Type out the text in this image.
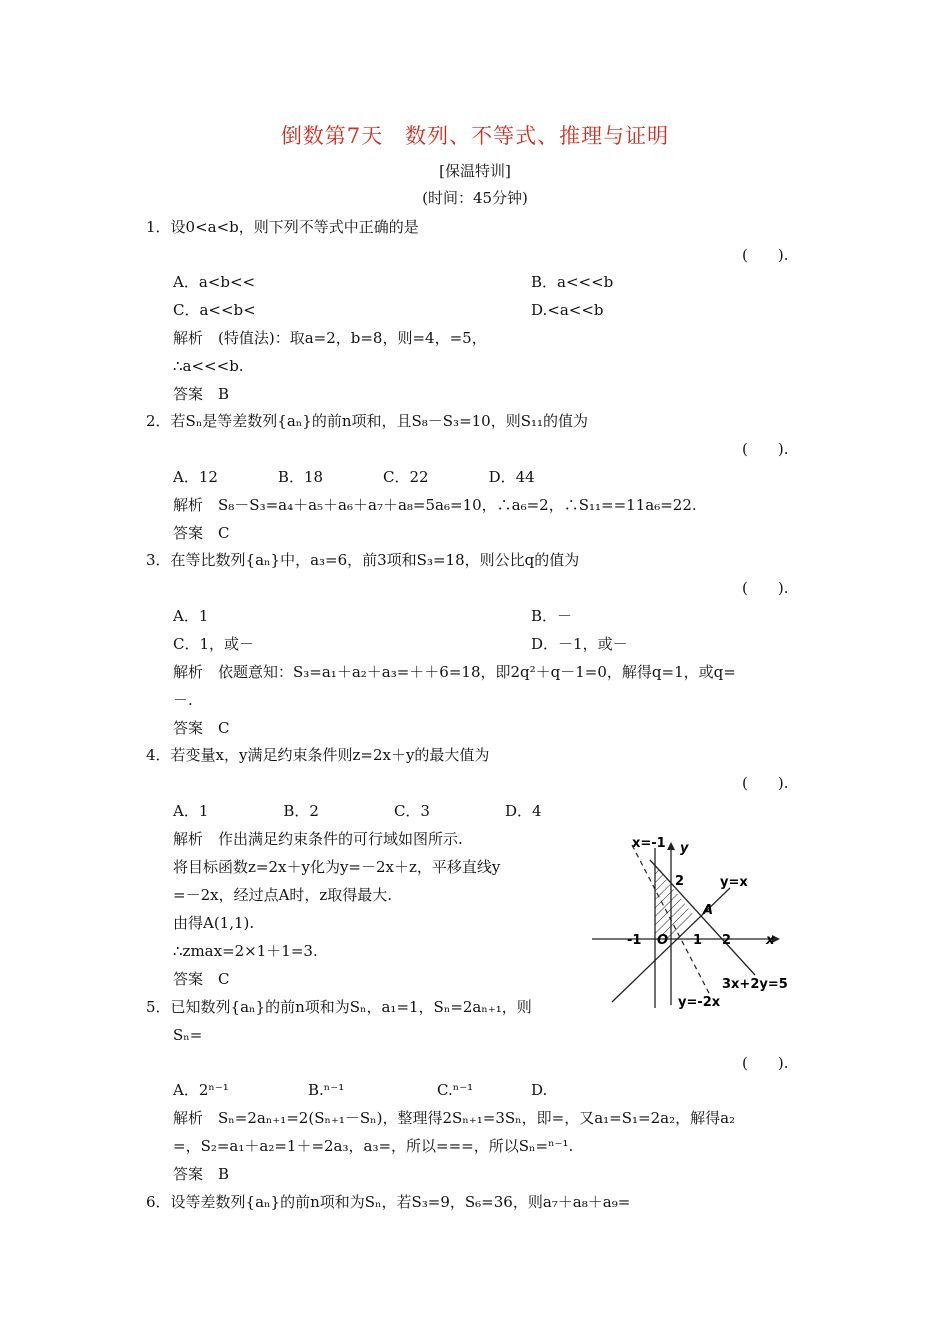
倒数第7天　数列、不等式、推理与证明
[保温特训]
(时间：45分钟)
1．设0<a<b，则下列不等式中正确的是
(　　).
A．a<b<<	B．a<<<b
C．a<<b<	D.<a<<b
解析　(特值法)：取a=2，b=8，则=4，=5，
∴a<<<b.
答案　B
2．若Sₙ是等差数列{aₙ}的前n项和，且S₈－S₃=10，则S₁₁的值为
(　　).
A．12　　　　B．18　　　　C．22　　　　D．44
解析　S₈－S₃=a₄＋a₅＋a₆＋a₇＋a₈=5a₆=10，∴a₆=2，∴S₁₁==11a₆=22.
答案　C
3．在等比数列{aₙ}中，a₃=6，前3项和S₃=18，则公比q的值为
(　　).
A．1	B．－
C．1，或－	D．－1，或－
解析　依题意知：S₃=a₁＋a₂＋a₃=＋＋6=18，即2q²＋q－1=0，解得q=1，或q=
－.
答案　C
4．若变量x，y满足约束条件则z=2x＋y的最大值为
(　　).
A．1　　　　　B．2　　　　　C．3　　　　　D．4
解析　作出满足约束条件的可行域如图所示.
将目标函数z=2x＋y化为y=－2x＋z，平移直线y
=－2x，经过点A时，z取得最大.
由得A(1,1).
∴zmax=2×1＋1=3.
答案　C
x=-1 y
x
y=x
A
O
-1	1 2
2
3x+2y=5
y=-2x
5．已知数列{aₙ}的前n项和为Sₙ，a₁=1，Sₙ=2aₙ₊₁，则
Sₙ=
(　　).
A．2ⁿ⁻¹	B.ⁿ⁻¹	C.ⁿ⁻¹	D.
解析　Sₙ=2aₙ₊₁=2(Sₙ₊₁－Sₙ)，整理得2Sₙ₊₁=3Sₙ，即=，又a₁=S₁=2a₂，解得a₂
=，S₂=a₁＋a₂=1＋=2a₃，a₃=，所以===，所以Sₙ=ⁿ⁻¹.
答案　B
6．设等差数列{aₙ}的前n项和为Sₙ，若S₃=9，S₆=36，则a₇＋a₈＋a₉=
